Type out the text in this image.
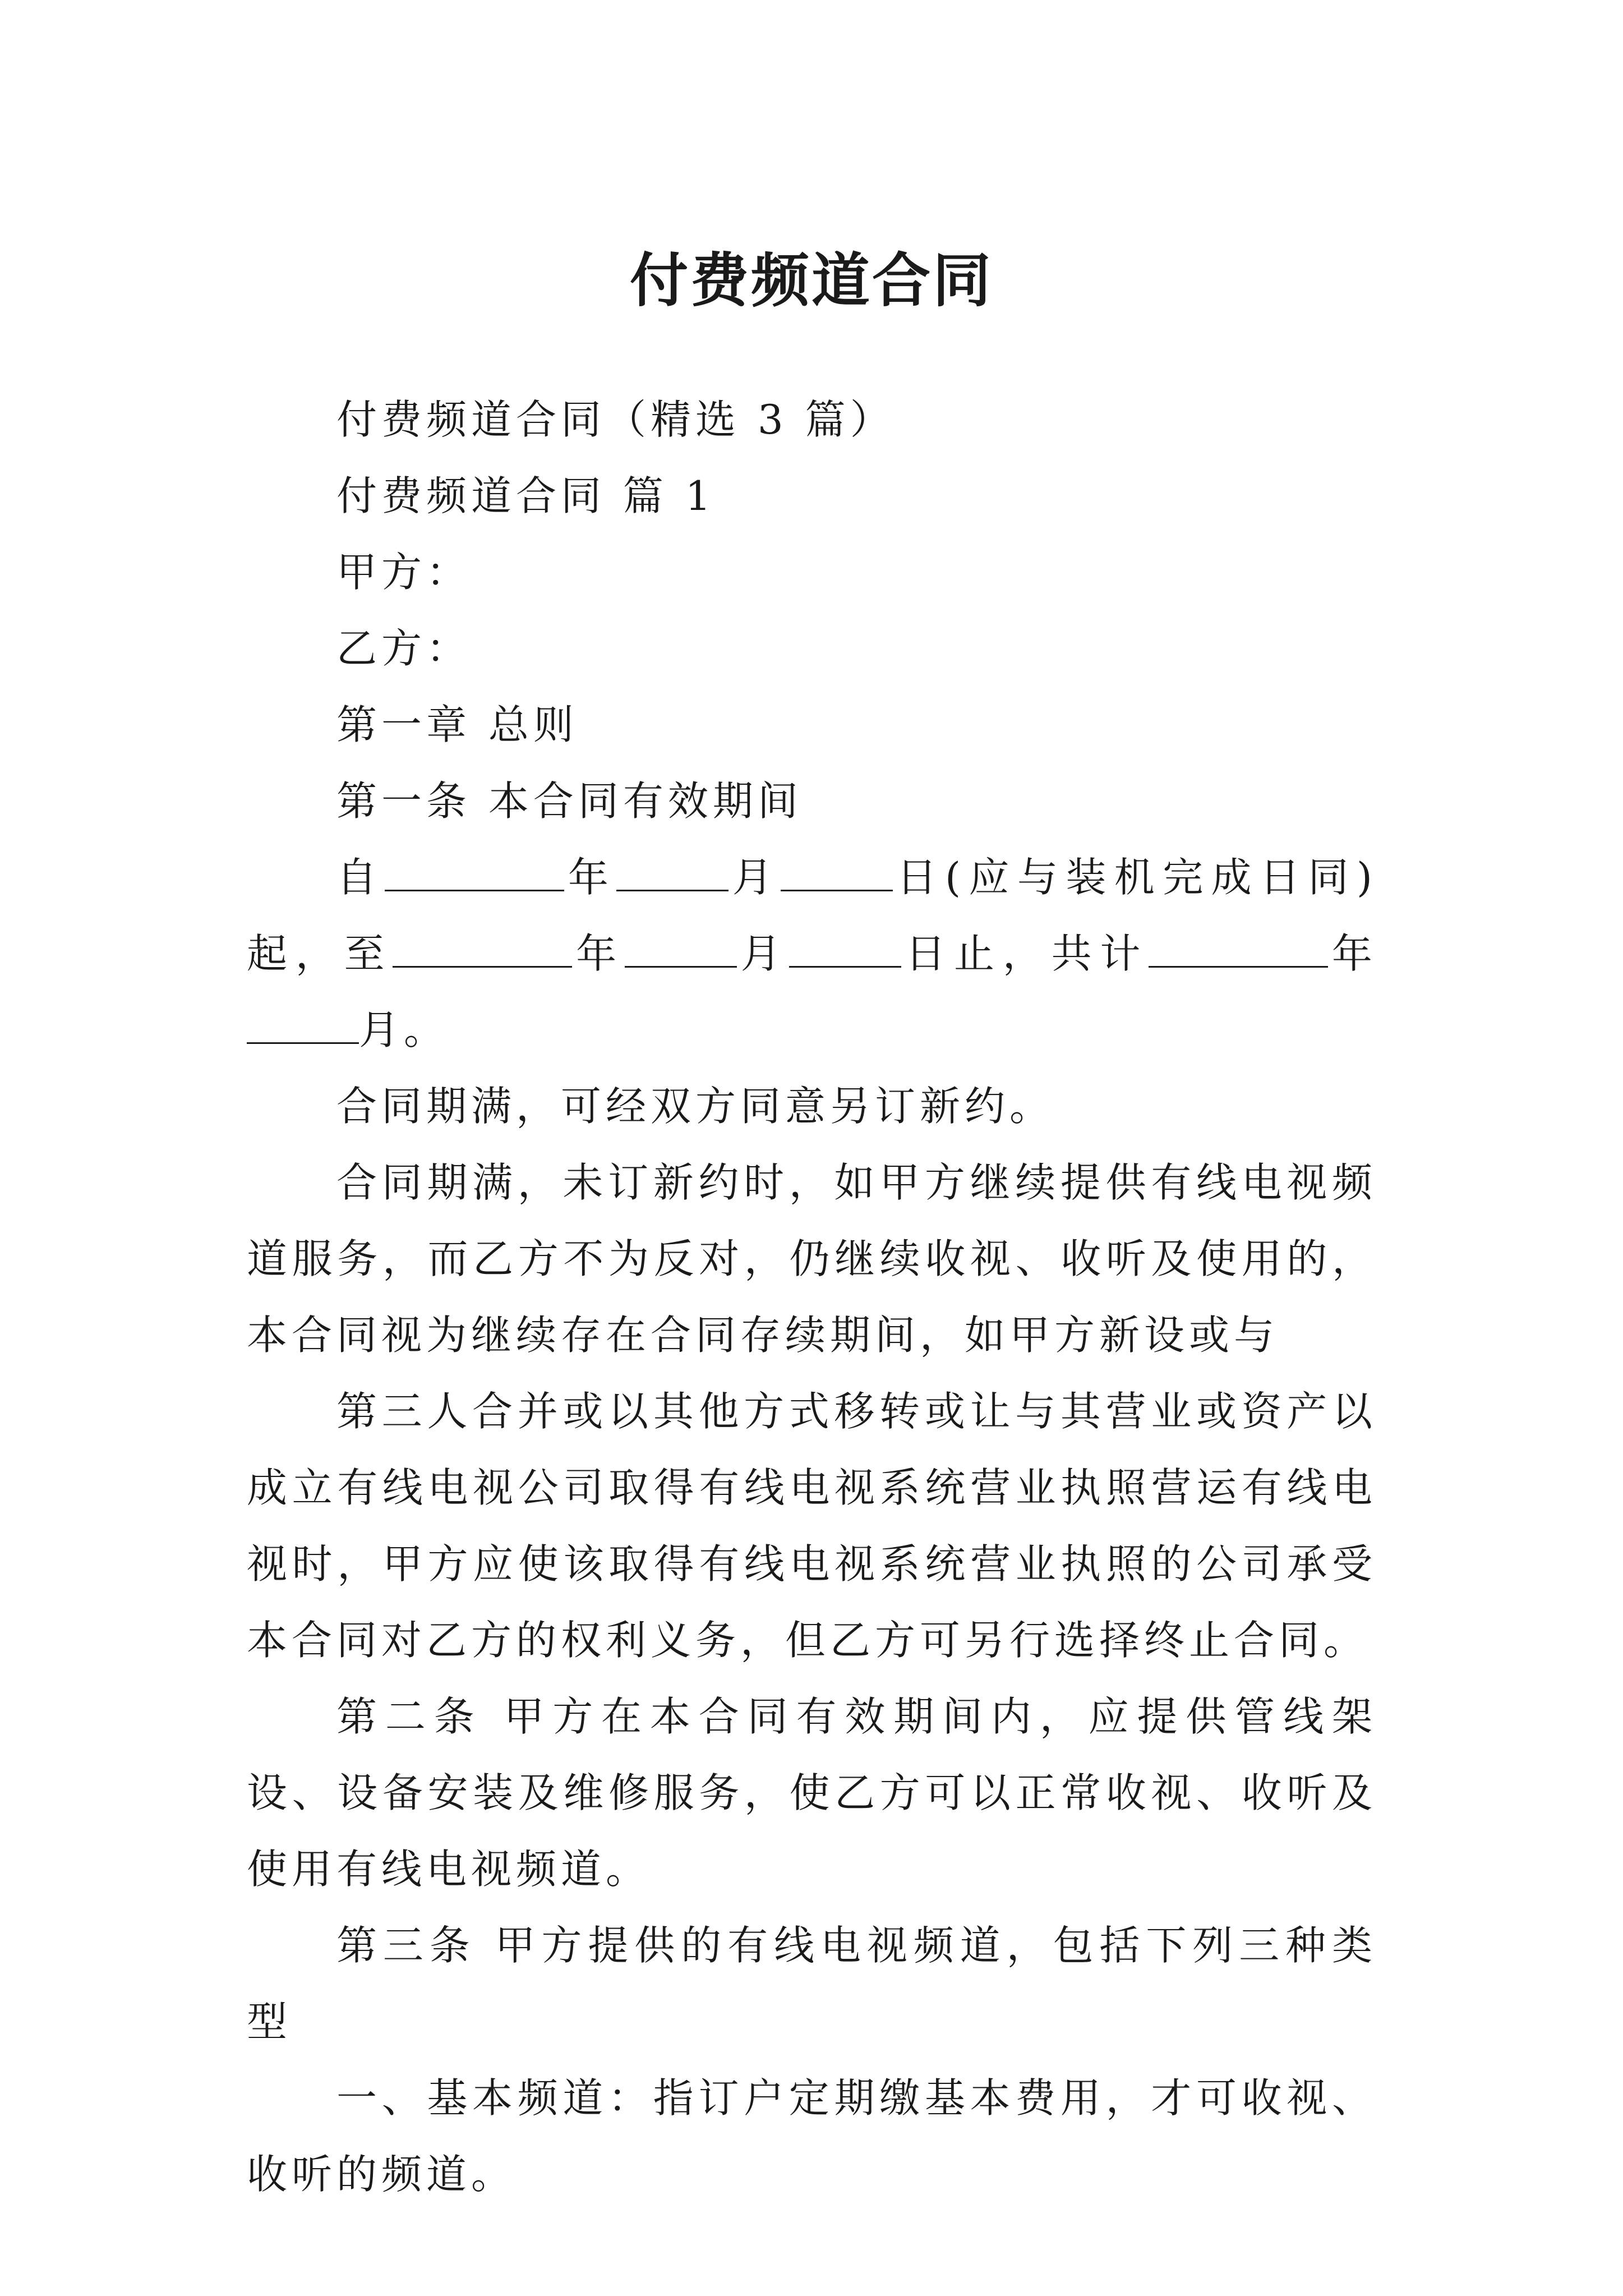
付费频道合同

付费频道合同（精选 3 篇）

付费频道合同 篇 1

甲方：

乙方：

第一章 总则

第一条 本合同有效期间

自	年	月	日(应与装机完成日同)起，至	年	月	日止，共计	年月。

合同期满，可经双方同意另订新约。

合同期满，未订新约时，如甲方继续提供有线电视频道服务，而乙方不为反对，仍继续收视、收听及使用的，本合同视为继续存在合同存续期间，如甲方新设或与

第三人合并或以其他方式移转或让与其营业或资产以成立有线电视公司取得有线电视系统营业执照营运有线电视时，甲方应使该取得有线电视系统营业执照的公司承受本合同对乙方的权利义务，但乙方可另行选择终止合同。

第二条 甲方在本合同有效期间内，应提供管线架设、设备安装及维修服务，使乙方可以正常收视、收听及使用有线电视频道。

第三条 甲方提供的有线电视频道，包括下列三种类型

一、基本频道：指订户定期缴基本费用，才可收视、收听的频道。
